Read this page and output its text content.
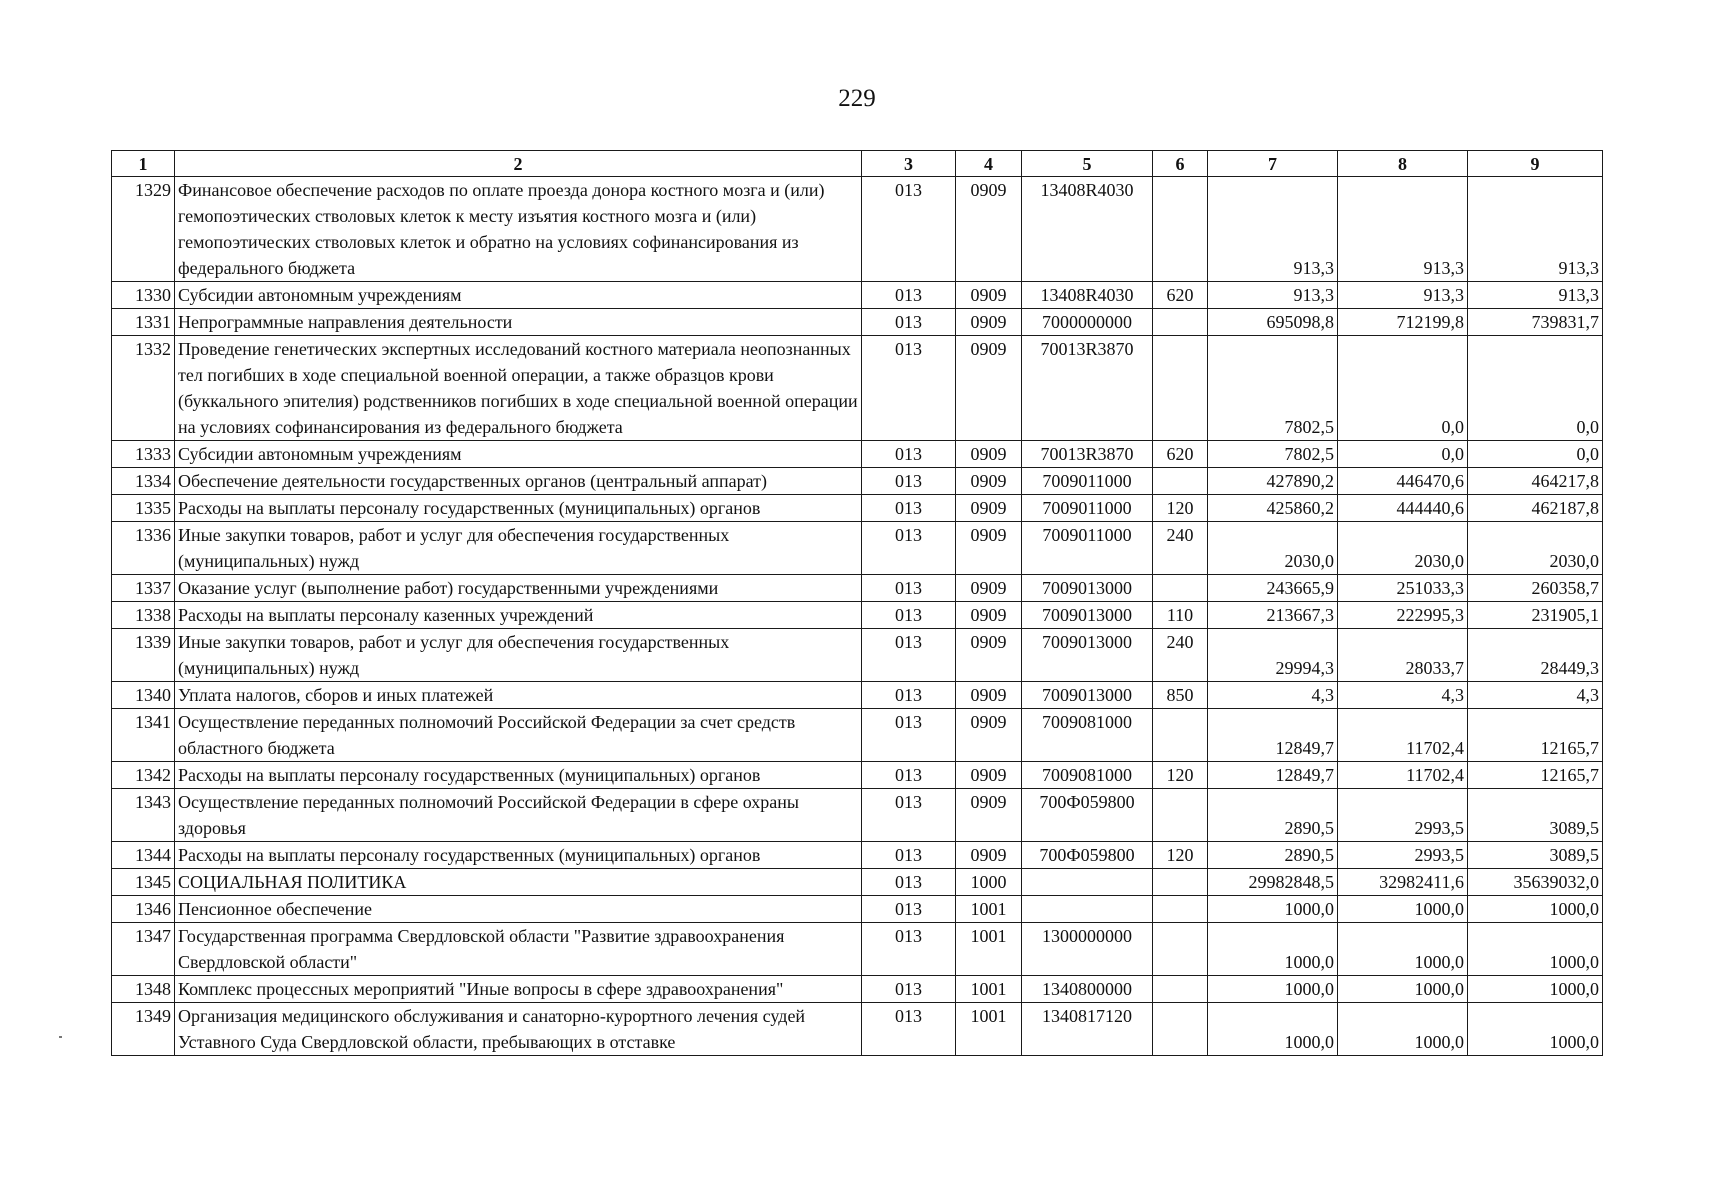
229
1	2	3	4	5	6	7	8	9
1329	Финансовое обеспечение расходов по оплате проезда донора костного мозга и (или) гемопоэтических стволовых клеток к месту изъятия костного мозга и (или) гемопоэтических стволовых клеток и обратно на условиях софинансирования из федерального бюджета	013	0909	13408R4030		913,3	913,3	913,3
1330	Субсидии автономным учреждениям	013	0909	13408R4030	620	913,3	913,3	913,3
1331	Непрограммные направления деятельности	013	0909	7000000000		695098,8	712199,8	739831,7
1332	Проведение генетических экспертных исследований костного материала неопознанных тел погибших в ходе специальной военной операции, а также образцов крови (буккального эпителия) родственников погибших в ходе специальной военной операции на условиях софинансирования из федерального бюджета	013	0909	70013R3870		7802,5	0,0	0,0
1333	Субсидии автономным учреждениям	013	0909	70013R3870	620	7802,5	0,0	0,0
1334	Обеспечение деятельности государственных органов (центральный аппарат)	013	0909	7009011000		427890,2	446470,6	464217,8
1335	Расходы на выплаты персоналу государственных (муниципальных) органов	013	0909	7009011000	120	425860,2	444440,6	462187,8
1336	Иные закупки товаров, работ и услуг для обеспечения государственных (муниципальных) нужд	013	0909	7009011000	240	2030,0	2030,0	2030,0
1337	Оказание услуг (выполнение работ) государственными учреждениями	013	0909	7009013000		243665,9	251033,3	260358,7
1338	Расходы на выплаты персоналу казенных учреждений	013	0909	7009013000	110	213667,3	222995,3	231905,1
1339	Иные закупки товаров, работ и услуг для обеспечения государственных (муниципальных) нужд	013	0909	7009013000	240	29994,3	28033,7	28449,3
1340	Уплата налогов, сборов и иных платежей	013	0909	7009013000	850	4,3	4,3	4,3
1341	Осуществление переданных полномочий Российской Федерации за счет средств областного бюджета	013	0909	7009081000		12849,7	11702,4	12165,7
1342	Расходы на выплаты персоналу государственных (муниципальных) органов	013	0909	7009081000	120	12849,7	11702,4	12165,7
1343	Осуществление переданных полномочий Российской Федерации в сфере охраны здоровья	013	0909	700Ф059800		2890,5	2993,5	3089,5
1344	Расходы на выплаты персоналу государственных (муниципальных) органов	013	0909	700Ф059800	120	2890,5	2993,5	3089,5
1345	СОЦИАЛЬНАЯ ПОЛИТИКА	013	1000			29982848,5	32982411,6	35639032,0
1346	Пенсионное обеспечение	013	1001			1000,0	1000,0	1000,0
1347	Государственная программа Свердловской области "Развитие здравоохранения Свердловской области"	013	1001	1300000000		1000,0	1000,0	1000,0
1348	Комплекс процессных мероприятий "Иные вопросы в сфере здравоохранения"	013	1001	1340800000		1000,0	1000,0	1000,0
1349	Организация медицинского обслуживания и санаторно-курортного лечения судей Уставного Суда Свердловской области, пребывающих в отставке	013	1001	1340817120		1000,0	1000,0	1000,0
